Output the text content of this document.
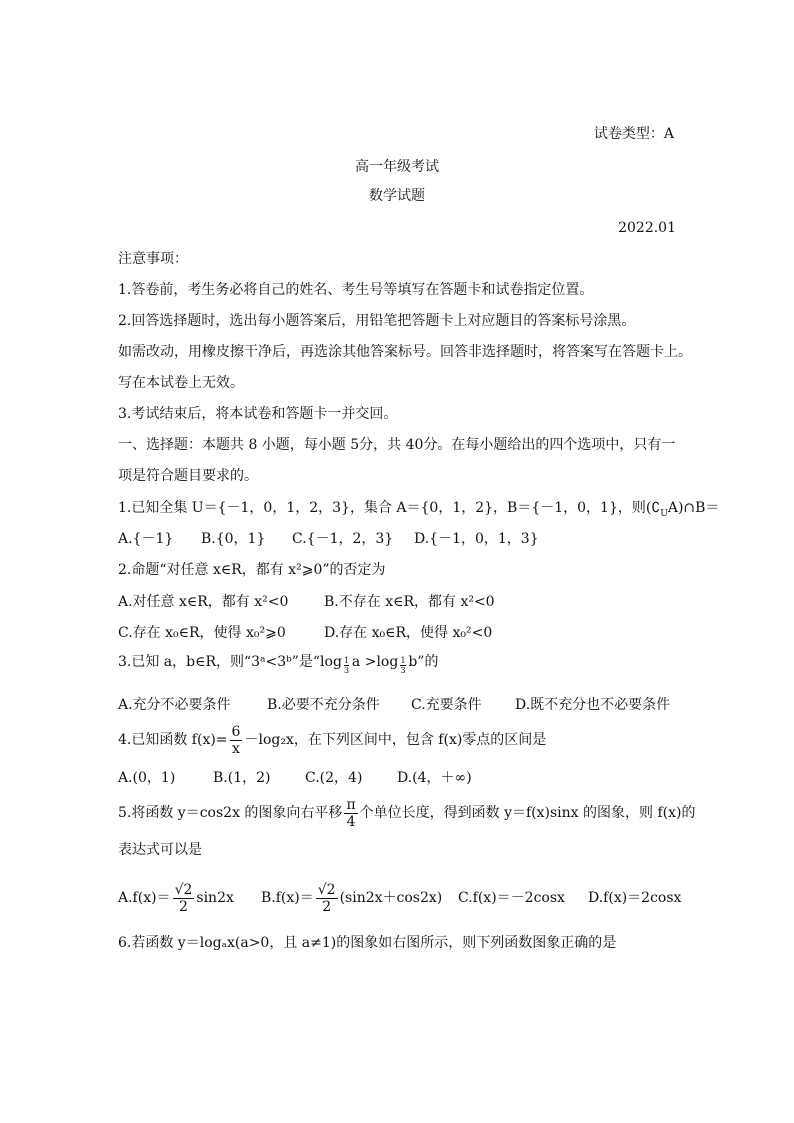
试卷类型：A
高一年级考试
数学试题
2022.01
注意事项：
1.答卷前，考生务必将自己的姓名、考生号等填写在答题卡和试卷指定位置。
2.回答选择题时，选出每小题答案后，用铅笔把答题卡上对应题目的答案标号涂黑。
如需改动，用橡皮擦干净后，再选涂其他答案标号。回答非选择题时，将答案写在答题卡上。
写在本试卷上无效。
3.考试结束后，将本试卷和答题卡一并交回。
一、选择题：本题共 8 小题，每小题 5分，共 40分。在每小题给出的四个选项中，只有一
项是符合题目要求的。
1.已知全集 U＝{－1，0，1，2，3}，集合 A＝{0，1，2}，B＝{－1，0，1}，则$(∁_UA)\cap B=$
A.{－1} B.{0，1} C.{－1，2，3} D.{－1，0，1，3}
2.命题“对任意 x∈R，都有 x²⩾0”的否定为
A.对任意 x∈R，都有 x²<0	B.不存在 x∈R，都有 x²<0
C.存在 x₀∈R，使得 x₀²⩾0	D.存在 x₀∈R，使得 x₀²<0
3.已知 a，b∈R，则“3ᵃ<3ᵇ”是“log 1
3
a >log 1
3
b”的
A.充分不必要条件	B.必要不充分条件 C.充要条件 D.既不充分也不必要条件
4.已知函数 $f(x)= \frac{6}{x} -\log_2x$，在下列区间中，包含 f(x)零点的区间是
A.(0，1)	B.(1，2) C.(2，4) D.(4，＋∞)
5.将函数 y＝cos2x 的图象向右平移 $\frac{\pi}{4}$ 个单位长度，得到函数 y＝f(x)sinx 的图象，则 f(x)的
表达式可以是
$A.f(x)= \frac{√2}{2} \sin 2x$ $B.f(x)= \frac{√2}{2} (\sin 2x+\cos 2x)$ C.f(x)＝－2cosx D.f(x)＝2cosx
6.若函数 y＝logₐx(a>0，且 a≠1)的图象如右图所示，则下列函数图象正确的是
